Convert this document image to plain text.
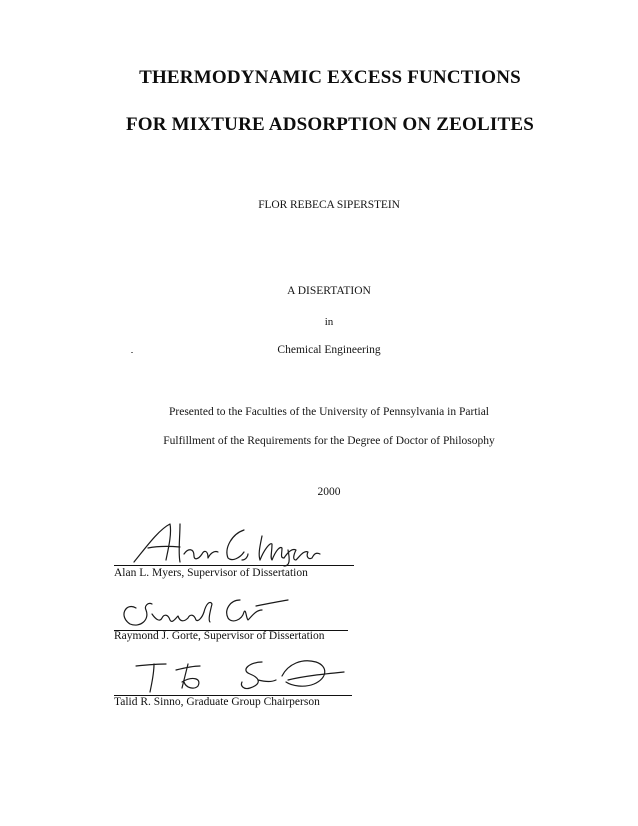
THERMODYNAMIC EXCESS FUNCTIONS
FOR MIXTURE ADSORPTION ON ZEOLITES
FLOR REBECA SIPERSTEIN
A DISERTATION
in
Chemical Engineering
Presented to the Faculties of the University of Pennsylvania in Partial
Fulfillment of the Requirements for the Degree of Doctor of Philosophy
2000
Alan L. Myers, Supervisor of Dissertation
Raymond J. Gorte, Supervisor of Dissertation
Talid R. Sinno, Graduate Group Chairperson
